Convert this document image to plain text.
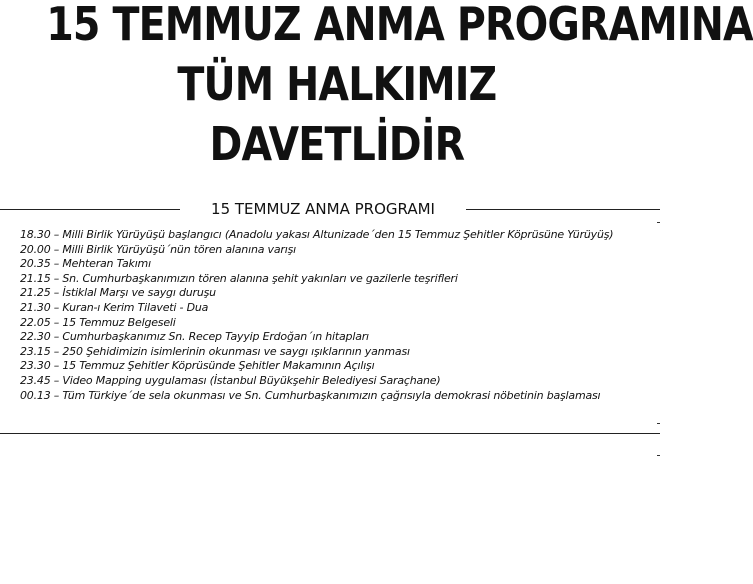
15 TEMMUZ ANMA PROGRAMINA
TÜM HALKIMIZ
DAVETLİDİR
15 TEMMUZ ANMA PROGRAMI
18.30 – Milli Birlik Yürüyüşü başlangıcı (Anadolu yakası Altunizade´den 15 Temmuz Şehitler Köprüsüne Yürüyüş)
20.00 – Milli Birlik Yürüyüşü´nün tören alanına varışı
20.35 – Mehteran Takımı
21.15 – Sn. Cumhurbaşkanımızın tören alanına şehit yakınları ve gazilerle teşrifleri
21.25 – İstiklal Marşı ve saygı duruşu
21.30 – Kuran-ı Kerim Tilaveti - Dua
22.05 – 15 Temmuz Belgeseli
22.30 – Cumhurbaşkanımız Sn. Recep Tayyip Erdoğan´ın hitapları
23.15 – 250 Şehidimizin isimlerinin okunması ve saygı ışıklarının yanması
23.30 – 15 Temmuz Şehitler Köprüsünde Şehitler Makamının Açılışı
23.45 – Video Mapping uygulaması (İstanbul Büyükşehir Belediyesi Saraçhane)
00.13 – Tüm Türkiye´de sela okunması ve Sn. Cumhurbaşkanımızın çağrısıyla demokrasi nöbetinin başlaması
